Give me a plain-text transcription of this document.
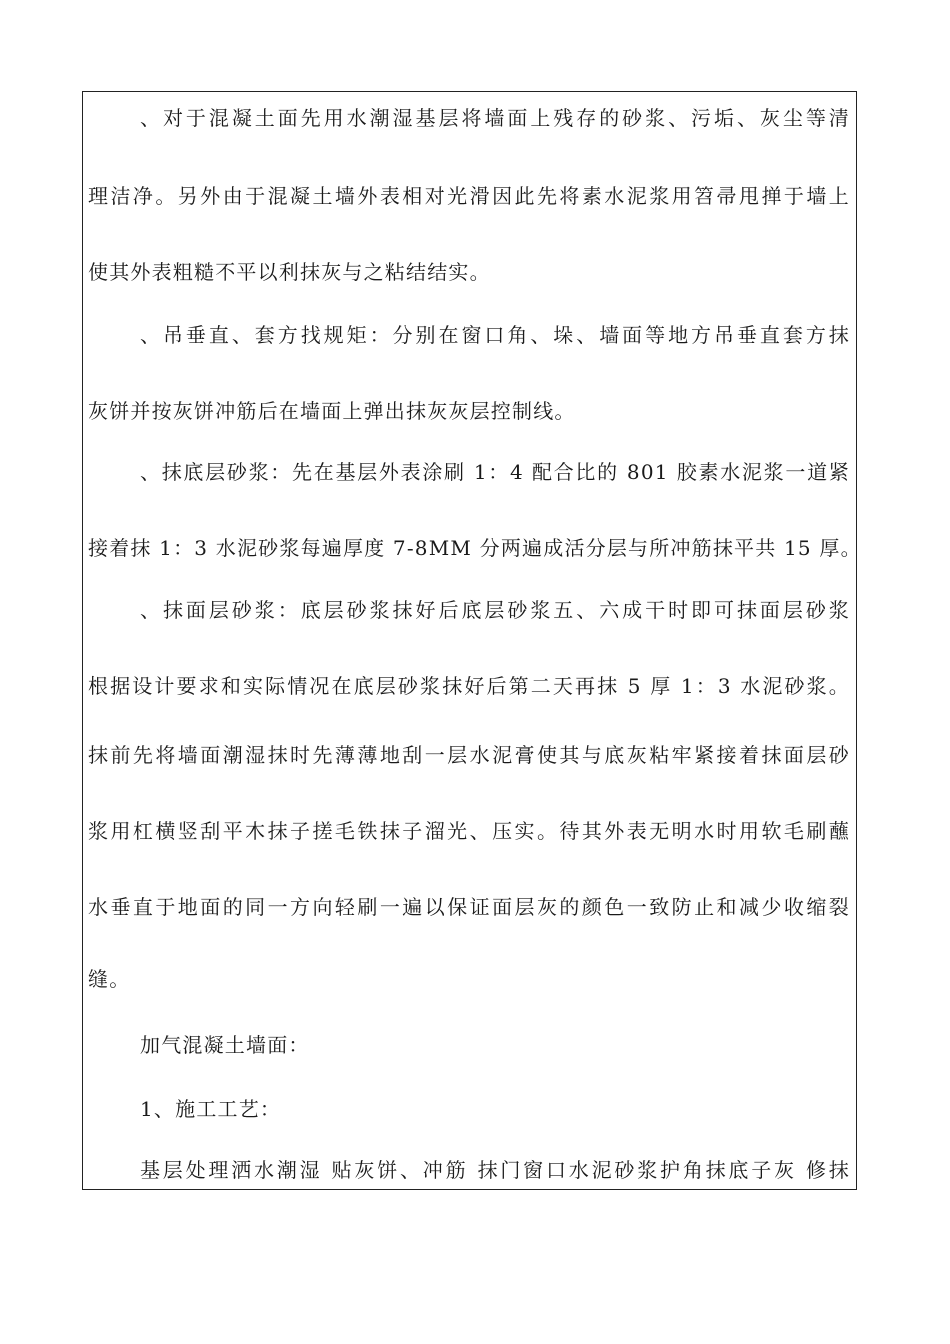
、对于混凝土面先用水潮湿基层将墙面上残存的砂浆、污垢、灰尘等清
理洁净。另外由于混凝土墙外表相对光滑因此先将素水泥浆用笤帚甩掸于墙上
使其外表粗糙不平以利抹灰与之粘结结实。
、吊垂直、套方找规矩：分别在窗口角、垛、墙面等地方吊垂直套方抹
灰饼并按灰饼冲筋后在墙面上弹出抹灰灰层控制线。
、抹底层砂浆：先在基层外表涂刷 1：4 配合比的 801 胶素水泥浆一道紧
接着抹 1：3 水泥砂浆每遍厚度 7-8MM 分两遍成活分层与所冲筋抹平共 15 厚。
、抹面层砂浆：底层砂浆抹好后底层砂浆五、六成干时即可抹面层砂浆
根据设计要求和实际情况在底层砂浆抹好后第二天再抹 5 厚 1：3 水泥砂浆。
抹前先将墙面潮湿抹时先薄薄地刮一层水泥膏使其与底灰粘牢紧接着抹面层砂
浆用杠横竖刮平木抹子搓毛铁抹子溜光、压实。待其外表无明水时用软毛刷蘸
水垂直于地面的同一方向轻刷一遍以保证面层灰的颜色一致防止和减少收缩裂
缝。
加气混凝土墙面：
1、施工工艺：
基层处理洒水潮湿 贴灰饼、冲筋 抹门窗口水泥砂浆护角抹底子灰 修抹
